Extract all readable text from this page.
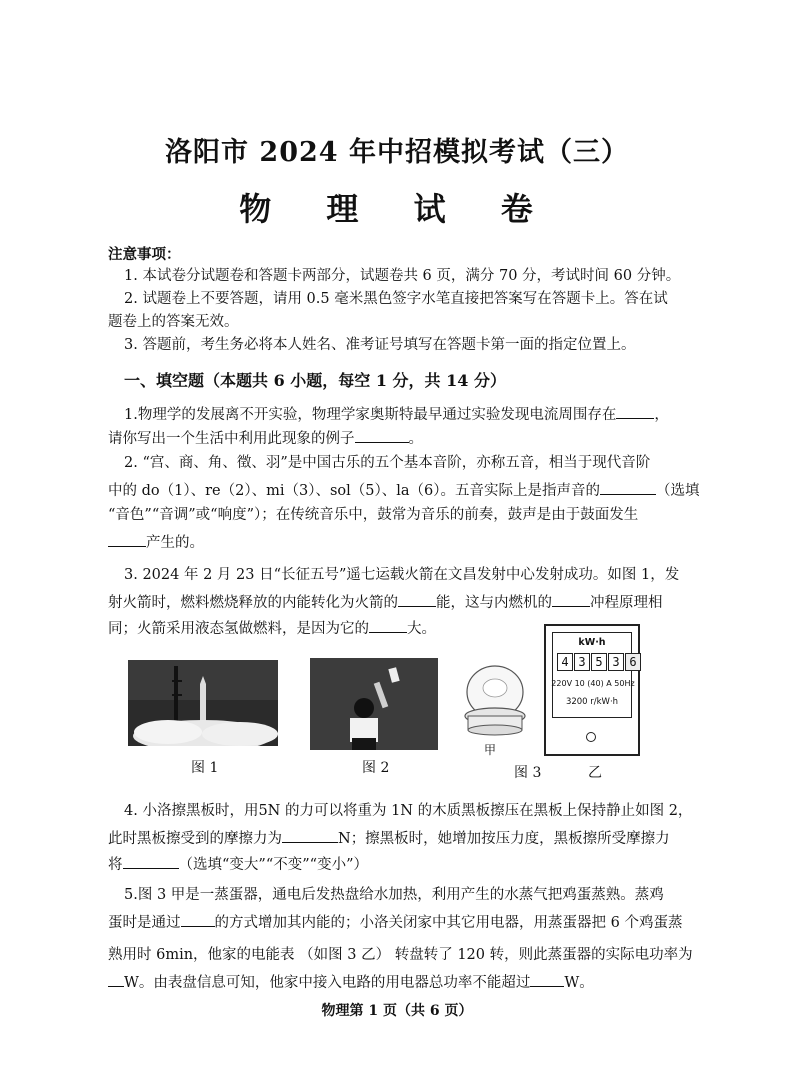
洛阳市 2024 年中招模拟考试（三）
物 理 试 卷
注意事项：
1. 本试卷分试题卷和答题卡两部分，试题卷共 6 页，满分 70 分，考试时间 60 分钟。
2. 试题卷上不要答题，请用 0.5 毫米黑色签字水笔直接把答案写在答题卡上。答在试
题卷上的答案无效。
3. 答题前，考生务必将本人姓名、准考证号填写在答题卡第一面的指定位置上。
一、填空题（本题共 6 小题，每空 1 分，共 14 分）
1.物理学的发展离不开实验，物理学家奥斯特最早通过实验发现电流周围存在	，
请你写出一个生活中利用此现象的例子	。
2. “宫、商、角、徵、羽”是中国古乐的五个基本音阶，亦称五音，相当于现代音阶
中的 do（1）、re（2）、mi（3）、sol（5）、la（6）。五音实际上是指声音的	（选填
“音色”“音调”或“响度”）；在传统音乐中，鼓常为音乐的前奏，鼓声是由于鼓面发生
产生的。
3. 2024 年 2 月 23 日“长征五号”遥七运载火箭在文昌发射中心发射成功。如图 1，发
射火箭时，燃料燃烧释放的内能转化为火箭的	能，这与内燃机的	冲程原理相
同；火箭采用液态氢做燃料，是因为它的	大。
图 1	图 2
甲
图 3
kW·h
4 3 5 3 6
220V 10 (40) A 50Hz
3200 r/kW·h
乙
4. 小洛擦黑板时，用5N 的力可以将重为 1N 的木质黑板擦压在黑板上保持静止如图 2，
此时黑板擦受到的摩擦力为	N；擦黑板时，她增加按压力度，黑板擦所受摩擦力
将	（选填“变大”“不变”“变小”）
5.图 3 甲是一蒸蛋器，通电后发热盘给水加热，利用产生的水蒸气把鸡蛋蒸熟。蒸鸡
蛋时是通过 的方式增加其内能的；小洛关闭家中其它用电器，用蒸蛋器把 6 个鸡蛋蒸
熟用时 6min，他家的电能表 （如图 3 乙） 转盘转了 120 转，则此蒸蛋器的实际电功率为
W。由表盘信息可知，他家中接入电路的用电器总功率不能超过 W。
物理第 1 页（共 6 页）
